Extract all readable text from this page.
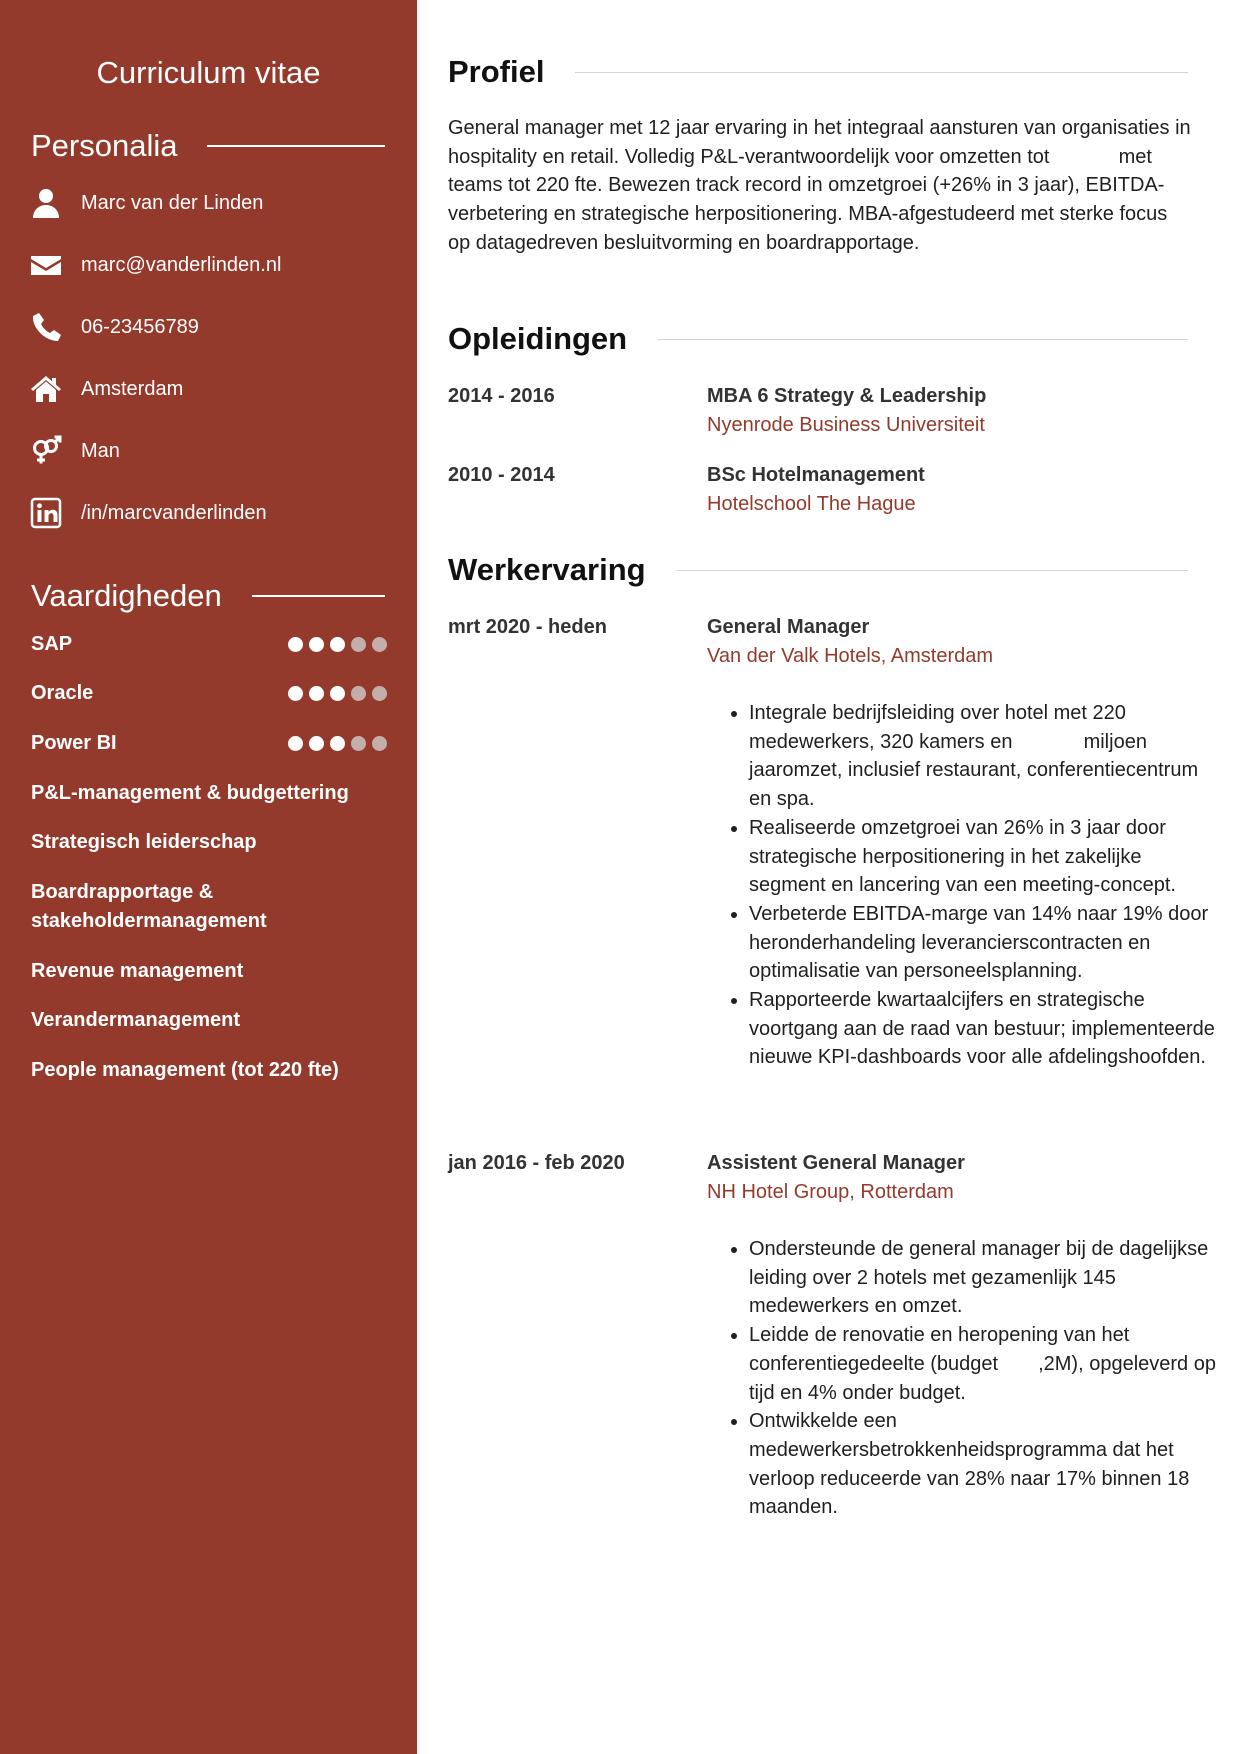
Curriculum vitae
Personalia
Marc van der Linden
marc@vanderlinden.nl
06-23456789
Amsterdam
Man
/in/marcvanderlinden
Vaardigheden
SAP
Oracle
Power BI
P&L-management & budgettering
Strategisch leiderschap
Boardrapportage & stakeholdermanagement
Revenue management
Verandermanagement
People management (tot 220 fte)
Profiel

General manager met 12 jaar ervaring in het integraal aansturen van organisaties in hospitality en retail. Volledig P&L-verantwoordelijk voor omzetten tot	met teams tot 220 fte. Bewezen track record in omzetgroei (+26% in 3 jaar), EBITDA-verbetering en strategische herpositionering. MBA-afgestudeerd met sterke focus op datagedreven besluitvorming en boardrapportage.

Opleidingen
2014 - 2016	MBA 6 Strategy & Leadership
Nyenrode Business Universiteit
2010 - 2014	BSc Hotelmanagement
Hotelschool The Hague
Werkervaring
mrt 2020 - heden	General Manager
Van der Valk Hotels, Amsterdam
• Integrale bedrijfsleiding over hotel met 220 medewerkers, 320 kamers en	miljoen jaaromzet, inclusief restaurant, conferentiecentrum en spa.
• Realiseerde omzetgroei van 26% in 3 jaar door strategische herpositionering in het zakelijke segment en lancering van een meeting-concept.
• Verbeterde EBITDA-marge van 14% naar 19% door heronderhandeling leverancierscontracten en optimalisatie van personeelsplanning.
• Rapporteerde kwartaalcijfers en strategische voortgang aan de raad van bestuur; implementeerde nieuwe KPI-dashboards voor alle afdelingshoofden.
jan 2016 - feb 2020	Assistent General Manager
NH Hotel Group, Rotterdam
• Ondersteunde de general manager bij de dagelijkse leiding over 2 hotels met gezamenlijk 145 medewerkers en omzet.
• Leidde de renovatie en heropening van het conferentiegedeelte (budget ,2M), opgeleverd op tijd en 4% onder budget.
• Ontwikkelde een medewerkersbetrokkenheidsprogramma dat het verloop reduceerde van 28% naar 17% binnen 18 maanden.
